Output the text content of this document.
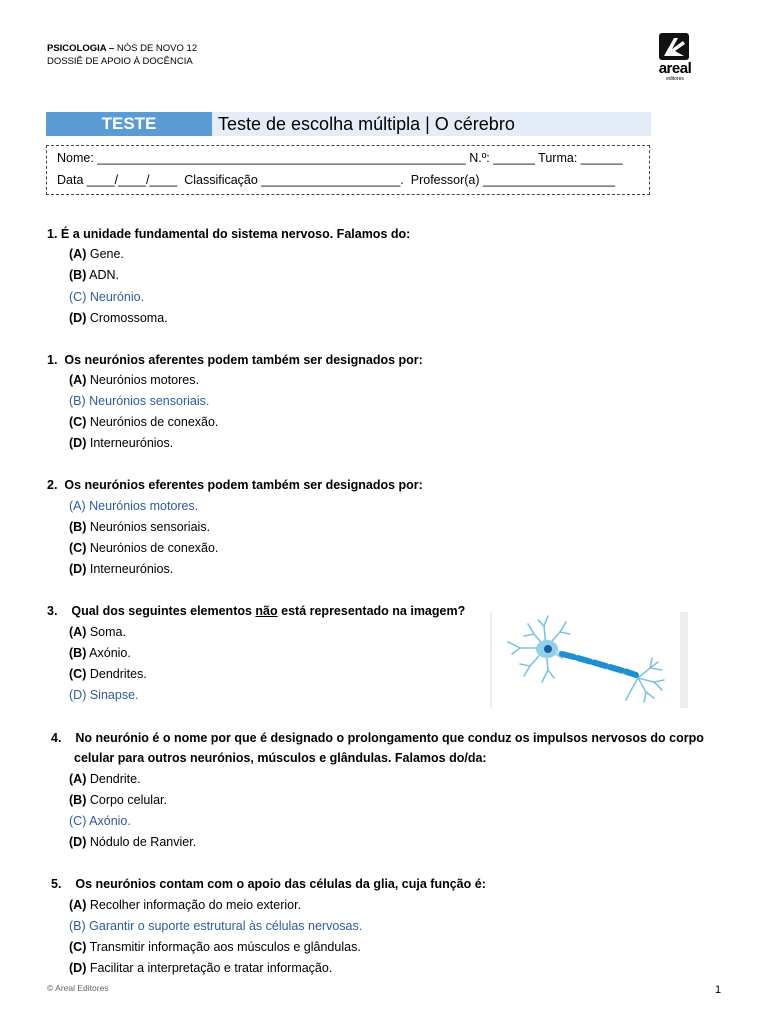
PSICOLOGIA – NÓS DE NOVO 12
DOSSIÊ DE APOIO À DOCÊNCIA	areal
editores
TESTE	Teste de escolha múltipla | O cérebro
Nome: _____________________________________________________ N.º: ______ Turma: ______
Data ____/____/____  Classificação ____________________.  Professor(a) ___________________
1. É a unidade fundamental do sistema nervoso. Falamos do:
(A) Gene.
(B) ADN.
(C) Neurónio.
(D) Cromossoma.
1. Os neurónios aferentes podem também ser designados por:
(A) Neurónios motores.
(B) Neurónios sensoriais.
(C) Neurónios de conexão.
(D) Interneurónios.
2. Os neurónios eferentes podem também ser designados por:
(A) Neurónios motores.
(B) Neurónios sensoriais.
(C) Neurónios de conexão.
(D) Interneurónios.
3. Qual dos seguintes elementos não está representado na imagem?
(A) Soma.
(B) Axónio.
(C) Dendrites.
(D) Sinapse.
4. No neurónio é o nome por que é designado o prolongamento que conduz os impulsos nervosos do corpo
celular para outros neurónios, músculos e glândulas. Falamos do/da:
(A) Dendrite.
(B) Corpo celular.
(C) Axónio.
(D) Nódulo de Ranvier.
5. Os neurónios contam com o apoio das células da glia, cuja função é:
(A) Recolher informação do meio exterior.
(B) Garantir o suporte estrutural às células nervosas.
(C) Transmitir informação aos músculos e glândulas.
(D) Facilitar a interpretação e tratar informação.
© Areal Editores	1
